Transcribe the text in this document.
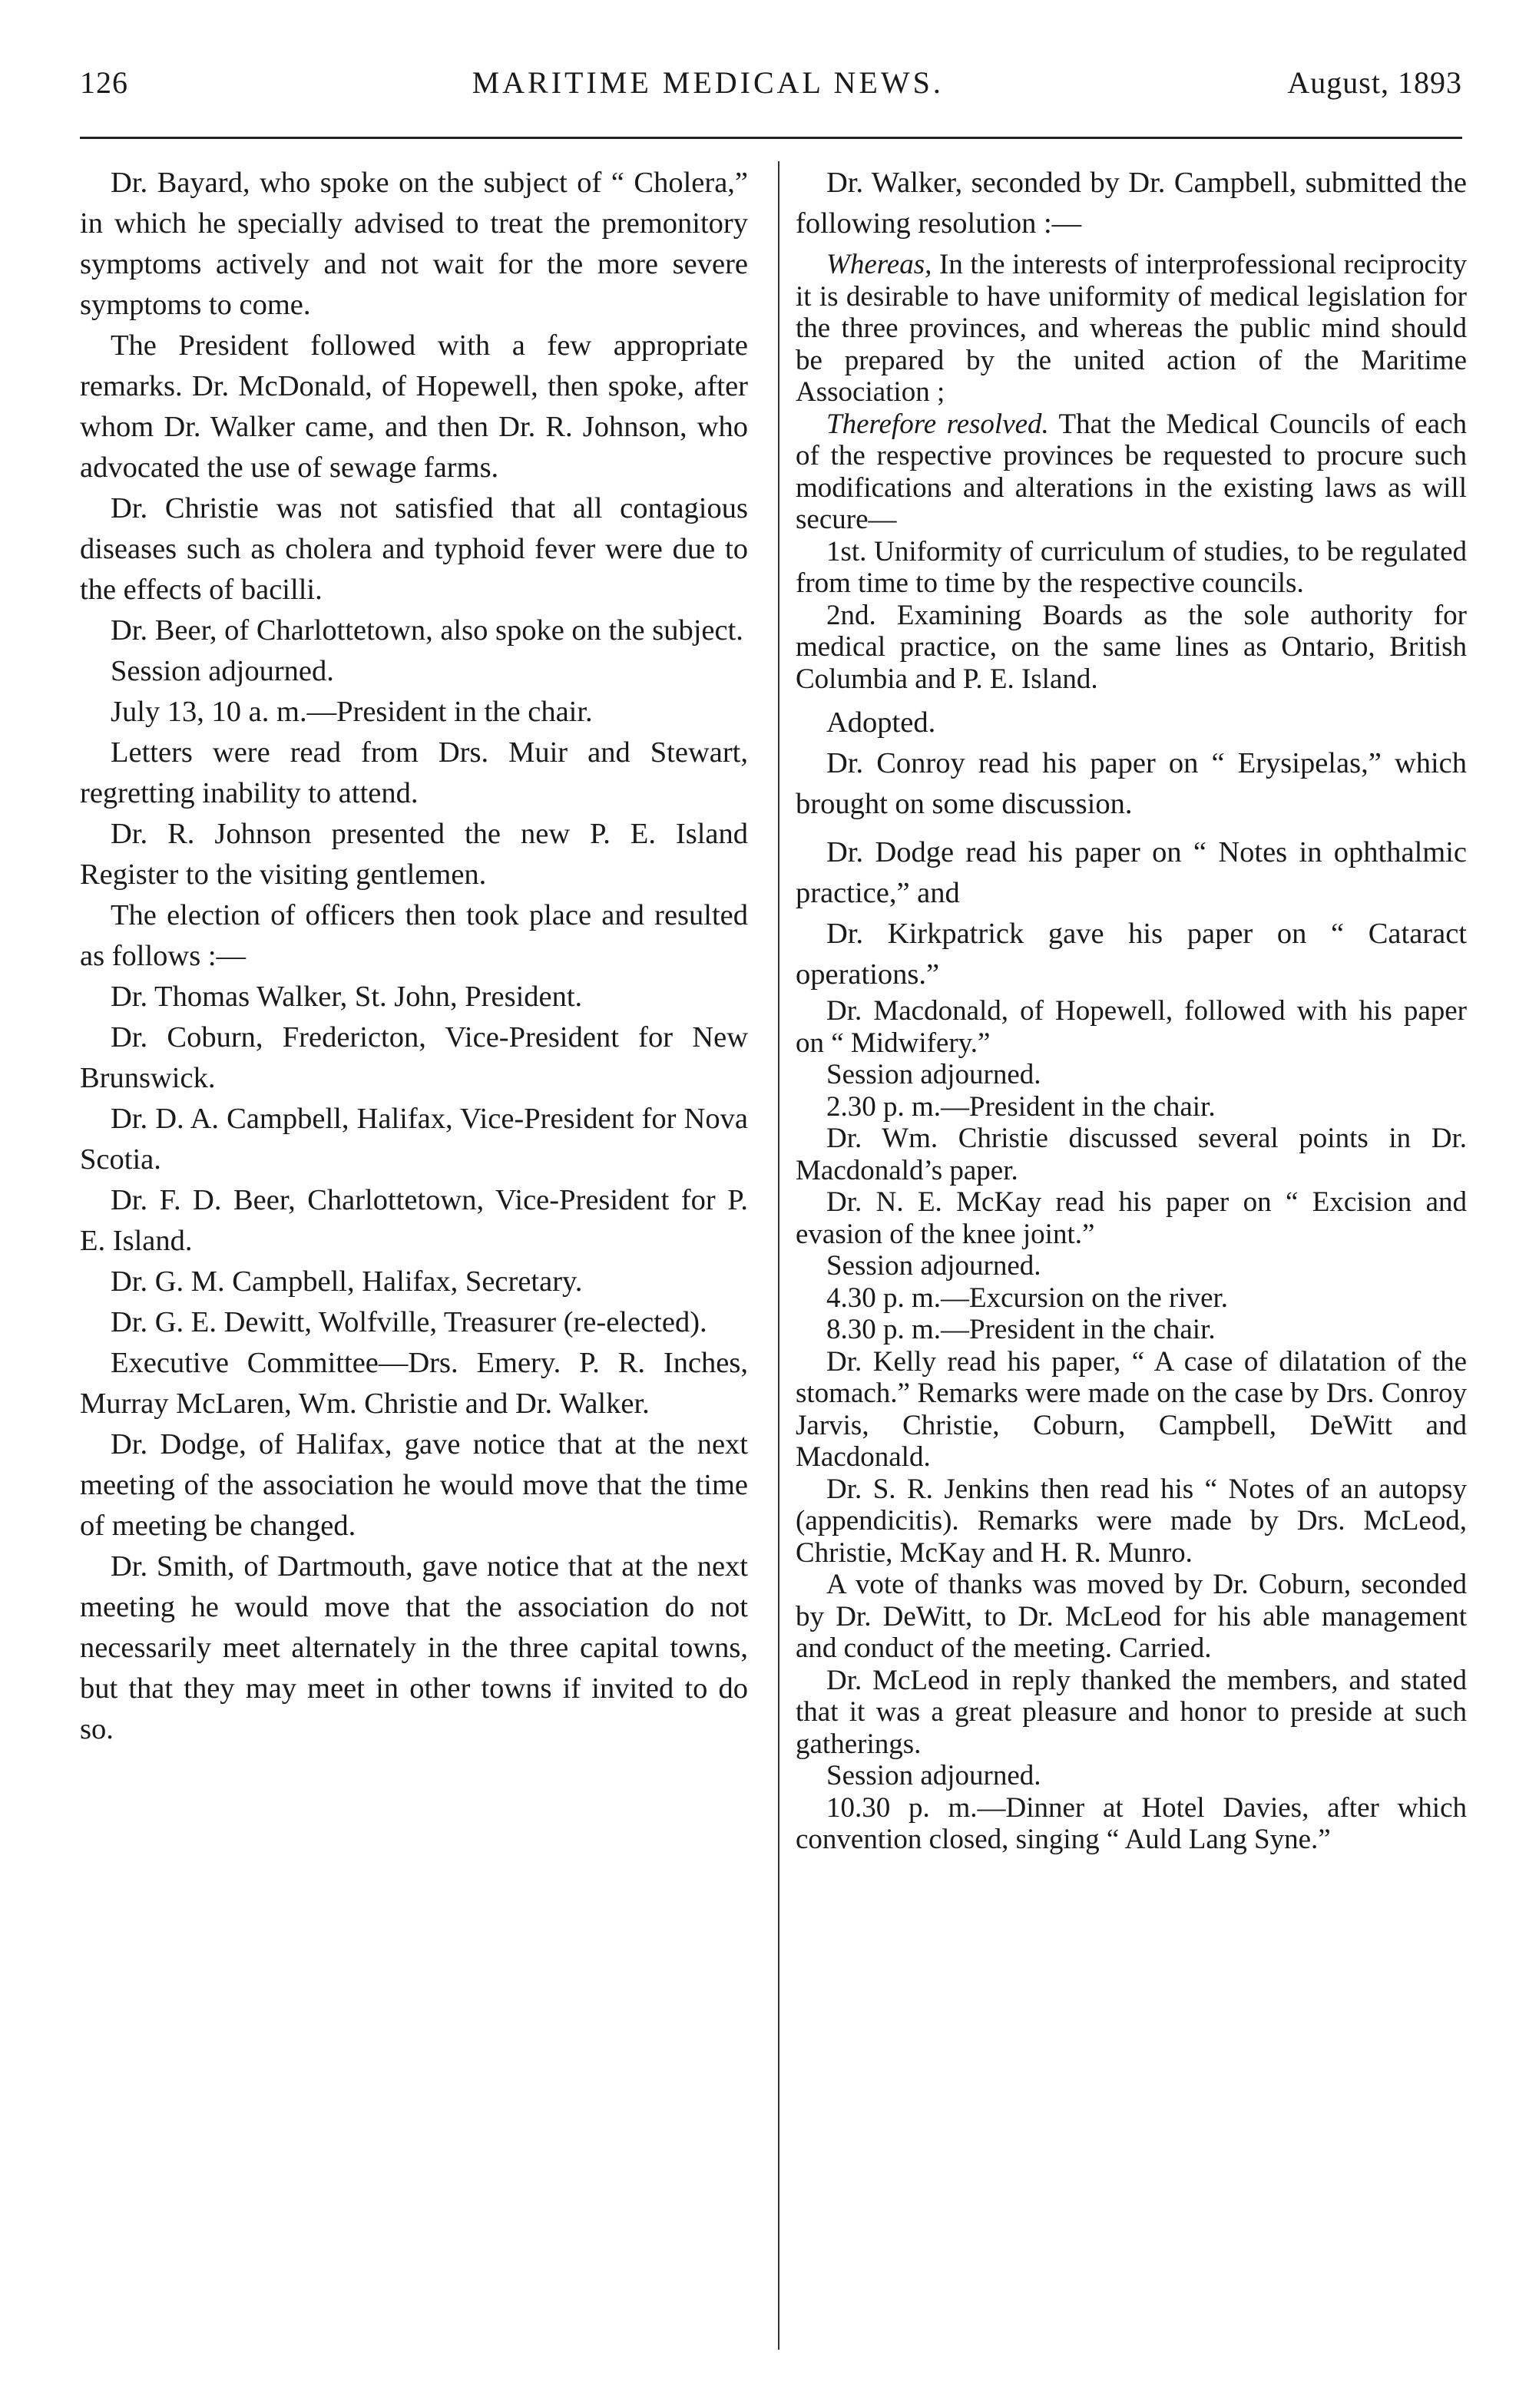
126	MARITIME MEDICAL NEWS.	August, 1893

Dr. Bayard, who spoke on the subject of “ Cholera,” in which he specially advised to treat the premonitory symptoms actively and not wait for the more severe symptoms to come.

The President followed with a few appropriate remarks. Dr. McDonald, of Hopewell, then spoke, after whom Dr. Walker came, and then Dr. R. Johnson, who advocated the use of sewage farms.

Dr. Christie was not satisfied that all contagious diseases such as cholera and typhoid fever were due to the effects of bacilli.

Dr. Beer, of Charlottetown, also spoke on the subject.

Session adjourned.

July 13, 10 a. m.—President in the chair.

Letters were read from Drs. Muir and Stewart, regretting inability to attend.

Dr. R. Johnson presented the new P. E. Island Register to the visiting gentlemen.

The election of officers then took place and resulted as follows :—

Dr. Thomas Walker, St. John, President.

Dr. Coburn, Fredericton, Vice-President for New Brunswick.

Dr. D. A. Campbell, Halifax, Vice-President for Nova Scotia.

Dr. F. D. Beer, Charlottetown, Vice-President for P. E. Island.

Dr. G. M. Campbell, Halifax, Secretary.

Dr. G. E. Dewitt, Wolfville, Treasurer (re-elected).

Executive Committee—Drs. Emery. P. R. Inches, Murray McLaren, Wm. Christie and Dr. Walker.

Dr. Dodge, of Halifax, gave notice that at the next meeting of the association he would move that the time of meeting be changed.

Dr. Smith, of Dartmouth, gave notice that at the next meeting he would move that the association do not necessarily meet alternately in the three capital towns, but that they may meet in other towns if invited to do so.

Dr. Walker, seconded by Dr. Campbell, submitted the following resolution :—

Whereas, In the interests of interprofessional reciprocity it is desirable to have uniformity of medical legislation for the three provinces, and whereas the public mind should be prepared by the united action of the Maritime Association ;

Therefore resolved. That the Medical Councils of each of the respective provinces be requested to procure such modifications and alterations in the existing laws as will secure—

1st. Uniformity of curriculum of studies, to be regulated from time to time by the respective councils.

2nd. Examining Boards as the sole authority for medical practice, on the same lines as Ontario, British Columbia and P. E. Island.

Adopted.

Dr. Conroy read his paper on “ Erysipelas,” which brought on some discussion.

Dr. Dodge read his paper on “ Notes in ophthalmic practice,” and

Dr. Kirkpatrick gave his paper on “ Cataract operations.”

Dr. Macdonald, of Hopewell, followed with his paper on “ Midwifery.”

Session adjourned.

2.30 p. m.—President in the chair.

Dr. Wm. Christie discussed several points in Dr. Macdonald’s paper.

Dr. N. E. McKay read his paper on “ Excision and evasion of the knee joint.”

Session adjourned.

4.30 p. m.—Excursion on the river.

8.30 p. m.—President in the chair.

Dr. Kelly read his paper, “ A case of dilatation of the stomach.” Remarks were made on the case by Drs. Conroy Jarvis, Christie, Coburn, Campbell, DeWitt and Macdonald.

Dr. S. R. Jenkins then read his “ Notes of an autopsy (appendicitis). Remarks were made by Drs. McLeod, Christie, McKay and H. R. Munro.

A vote of thanks was moved by Dr. Coburn, seconded by Dr. DeWitt, to Dr. McLeod for his able management and conduct of the meeting. Carried.

Dr. McLeod in reply thanked the members, and stated that it was a great pleasure and honor to preside at such gatherings.

Session adjourned.

10.30 p. m.—Dinner at Hotel Davies, after which convention closed, singing “ Auld Lang Syne.”
